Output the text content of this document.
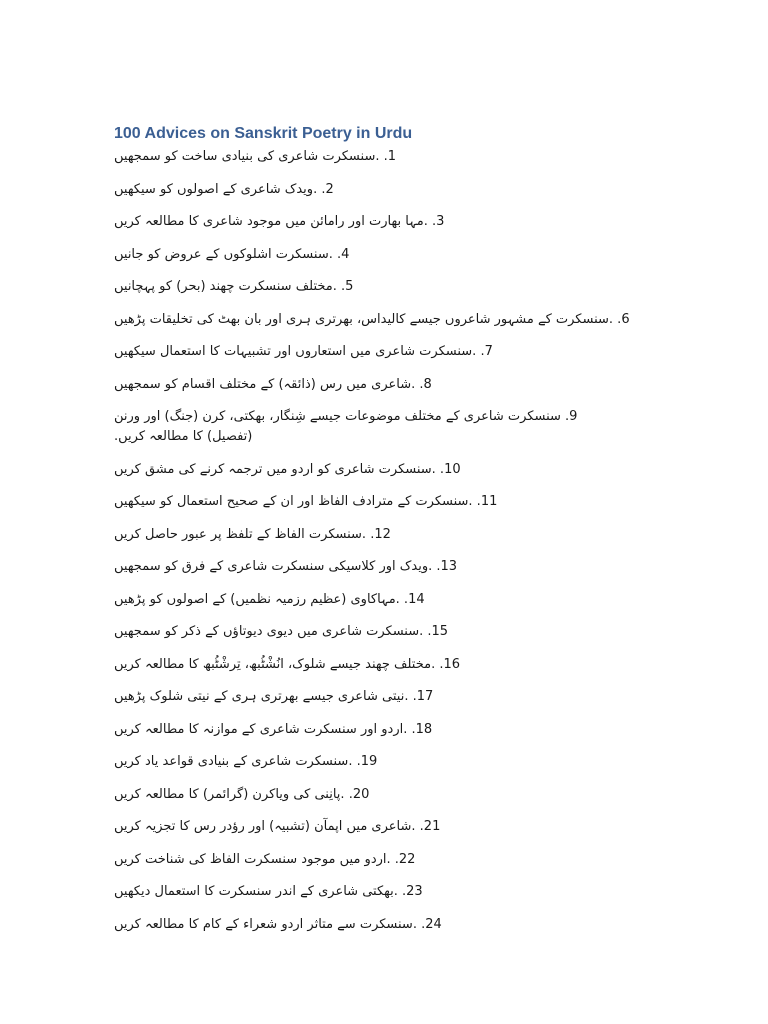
100 Advices on Sanskrit Poetry in Urdu
1. .سنسکرت شاعری کی بنیادی ساخت کو سمجھیں
2. .ویدک شاعری کے اصولوں کو سیکھیں
3. .مہا بھارت اور رامائن میں موجود شاعری کا مطالعہ کریں
4. .سنسکرت اشلوکوں کے عروض کو جانیں
5. .مختلف سنسکرت چھند (بحر) کو پہچانیں
6. .سنسکرت کے مشہور شاعروں جیسے کالیداس، بھرتری ہری اور بان بھٹ کی تخلیقات پڑھیں
7. .سنسکرت شاعری میں استعاروں اور تشبیہات کا استعمال سیکھیں
8. .شاعری میں رس (ذائقہ) کے مختلف اقسام کو سمجھیں
9. سنسکرت شاعری کے مختلف موضوعات جیسے شِنگار، بھکتی، کرن (جنگ) اور ورنن (تفصیل) کا مطالعہ کریں.
10. .سنسکرت شاعری کو اردو میں ترجمہ کرنے کی مشق کریں
11. .سنسکرت کے مترادف الفاظ اور ان کے صحیح استعمال کو سیکھیں
12. .سنسکرت الفاظ کے تلفظ پر عبور حاصل کریں
13. .ویدک اور کلاسیکی سنسکرت شاعری کے فرق کو سمجھیں
14. .مہاکاوی (عظیم رزمیہ نظمیں) کے اصولوں کو پڑھیں
15. .سنسکرت شاعری میں دیوی دیوتاؤں کے ذکر کو سمجھیں
16. .مختلف چھند جیسے شلوک، انُشْٹُبھ، تِرشْٹُبھ کا مطالعہ کریں
17. .نیتی شاعری جیسے بھرتری ہری کے نیتی شلوک پڑھیں
18. .اردو اور سنسکرت شاعری کے موازنہ کا مطالعہ کریں
19. .سنسکرت شاعری کے بنیادی قواعد یاد کریں
20. .پانِنی کی ویاکرن (گرائمر) کا مطالعہ کریں
21. .شاعری میں اپمآن (تشبیہ) اور رؤدر رس کا تجزیہ کریں
22. .اردو میں موجود سنسکرت الفاظ کی شناخت کریں
23. .بھکتی شاعری کے اندر سنسکرت کا استعمال دیکھیں
24. .سنسکرت سے متاثر اردو شعراء کے کام کا مطالعہ کریں
